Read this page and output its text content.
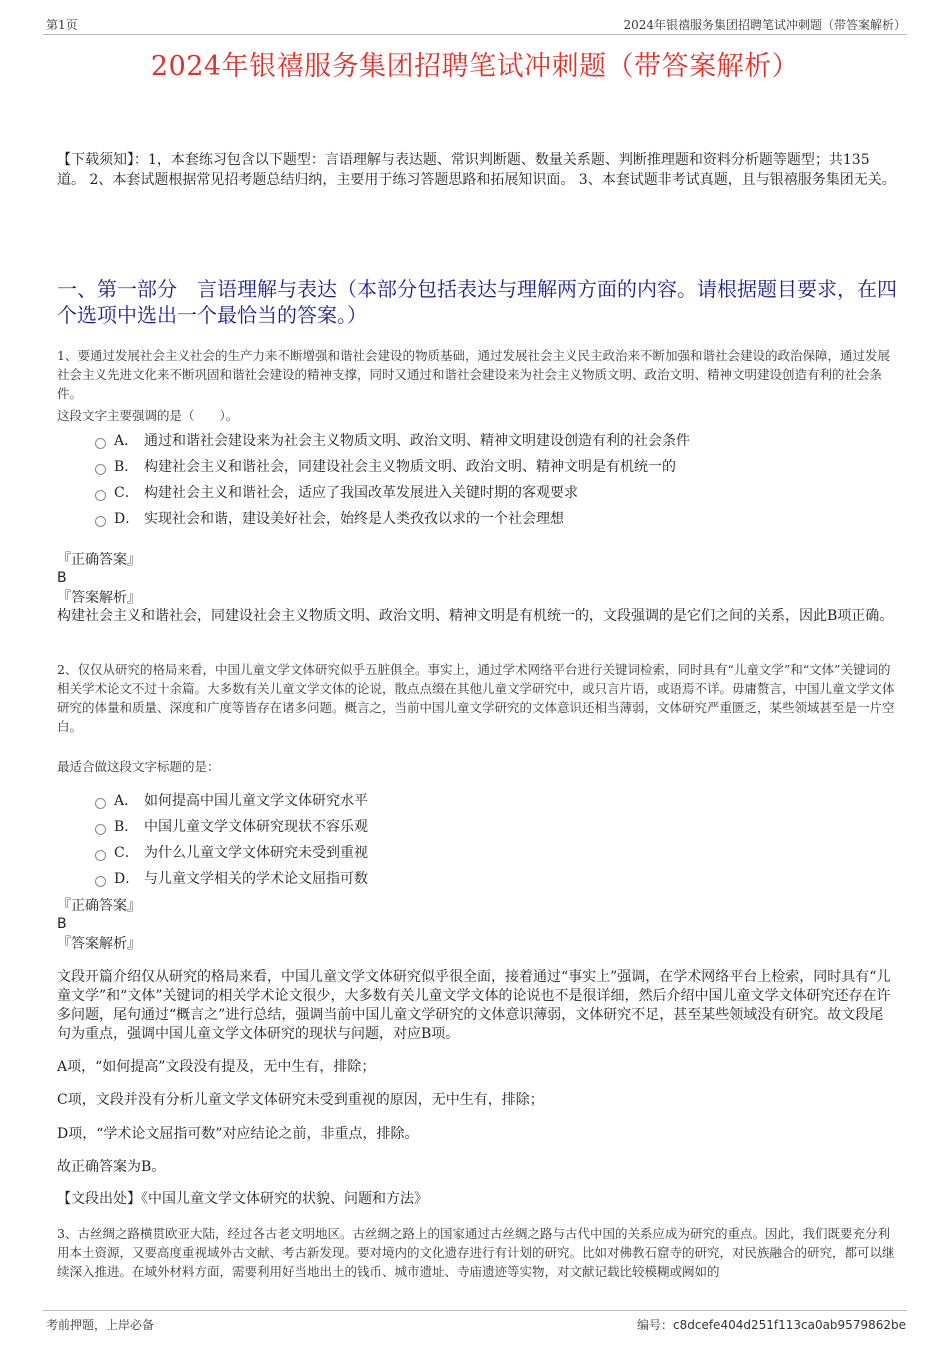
第1页	2024年银禧服务集团招聘笔试冲刺题（带答案解析）
2024年银禧服务集团招聘笔试冲刺题（带答案解析）
【下载须知】：1，本套练习包含以下题型：言语理解与表达题、常识判断题、数量关系题、判断推理题和资料分析题等题型；共135道。 2、本套试题根据常见招考题总结归纳，主要用于练习答题思路和拓展知识面。 3、本套试题非考试真题，且与银禧服务集团无关。
一、第一部分　言语理解与表达（本部分包括表达与理解两方面的内容。请根据题目要求，在四个选项中选出一个最恰当的答案。）
1、要通过发展社会主义社会的生产力来不断增强和谐社会建设的物质基础，通过发展社会主义民主政治来不断加强和谐社会建设的政治保障，通过发展社会主义先进文化来不断巩固和谐社会建设的精神支撑，同时又通过和谐社会建设来为社会主义物质文明、政治文明、精神文明建设创造有利的社会条件。
这段文字主要强调的是（　　）。
A． 通过和谐社会建设来为社会主义物质文明、政治文明、精神文明建设创造有利的社会条件
B． 构建社会主义和谐社会，同建设社会主义物质文明、政治文明、精神文明是有机统一的
C． 构建社会主义和谐社会，适应了我国改革发展进入关键时期的客观要求
D． 实现社会和谐，建设美好社会，始终是人类孜孜以求的一个社会理想
『正确答案』
B
『答案解析』
构建社会主义和谐社会，同建设社会主义物质文明、政治文明、精神文明是有机统一的，文段强调的是它们之间的关系，因此B项正确。
2、仅仅从研究的格局来看，中国儿童文学文体研究似乎五脏俱全。事实上，通过学术网络平台进行关键词检索，同时具有“儿童文学”和“文体”关键词的相关学术论文不过十余篇。大多数有关儿童文学文体的论说，散点点缀在其他儿童文学研究中，或只言片语，或语焉不详。毋庸赘言，中国儿童文学文体研究的体量和质量、深度和广度等皆存在诸多问题。概言之，当前中国儿童文学研究的文体意识还相当薄弱，文体研究严重匮乏，某些领域甚至是一片空白。
最适合做这段文字标题的是：
A． 如何提高中国儿童文学文体研究水平
B． 中国儿童文学文体研究现状不容乐观
C． 为什么儿童文学文体研究未受到重视
D． 与儿童文学相关的学术论文屈指可数
『正确答案』
B
『答案解析』
文段开篇介绍仅从研究的格局来看，中国儿童文学文体研究似乎很全面，接着通过“事实上”强调，在学术网络平台上检索，同时具有“儿童文学”和“文体”关键词的相关学术论文很少，大多数有关儿童文学文体的论说也不是很详细，然后介绍中国儿童文学文体研究还存在许多问题，尾句通过“概言之”进行总结，强调当前中国儿童文学研究的文体意识薄弱，文体研究不足，甚至某些领域没有研究。故文段尾句为重点，强调中国儿童文学文体研究的现状与问题，对应B项。
A项，“如何提高”文段没有提及，无中生有，排除；
C项，文段并没有分析儿童文学文体研究未受到重视的原因，无中生有，排除；
D项，“学术论文屈指可数”对应结论之前，非重点，排除。
故正确答案为B。
【文段出处】《中国儿童文学文体研究的状貌、问题和方法》
3、古丝绸之路横贯欧亚大陆，经过各古老文明地区。古丝绸之路上的国家通过古丝绸之路与古代中国的关系应成为研究的重点。因此，我们既要充分利用本土资源，又要高度重视域外古文献、考古新发现。要对境内的文化遗存进行有计划的研究。比如对佛教石窟寺的研究，对民族融合的研究，都可以继续深入推进。在域外材料方面，需要利用好当地出土的钱币、城市遗址、寺庙遗迹等实物，对文献记载比较模糊或阙如的
考前押题，上岸必备	编号：c8dcefe404d251f113ca0ab9579862be
